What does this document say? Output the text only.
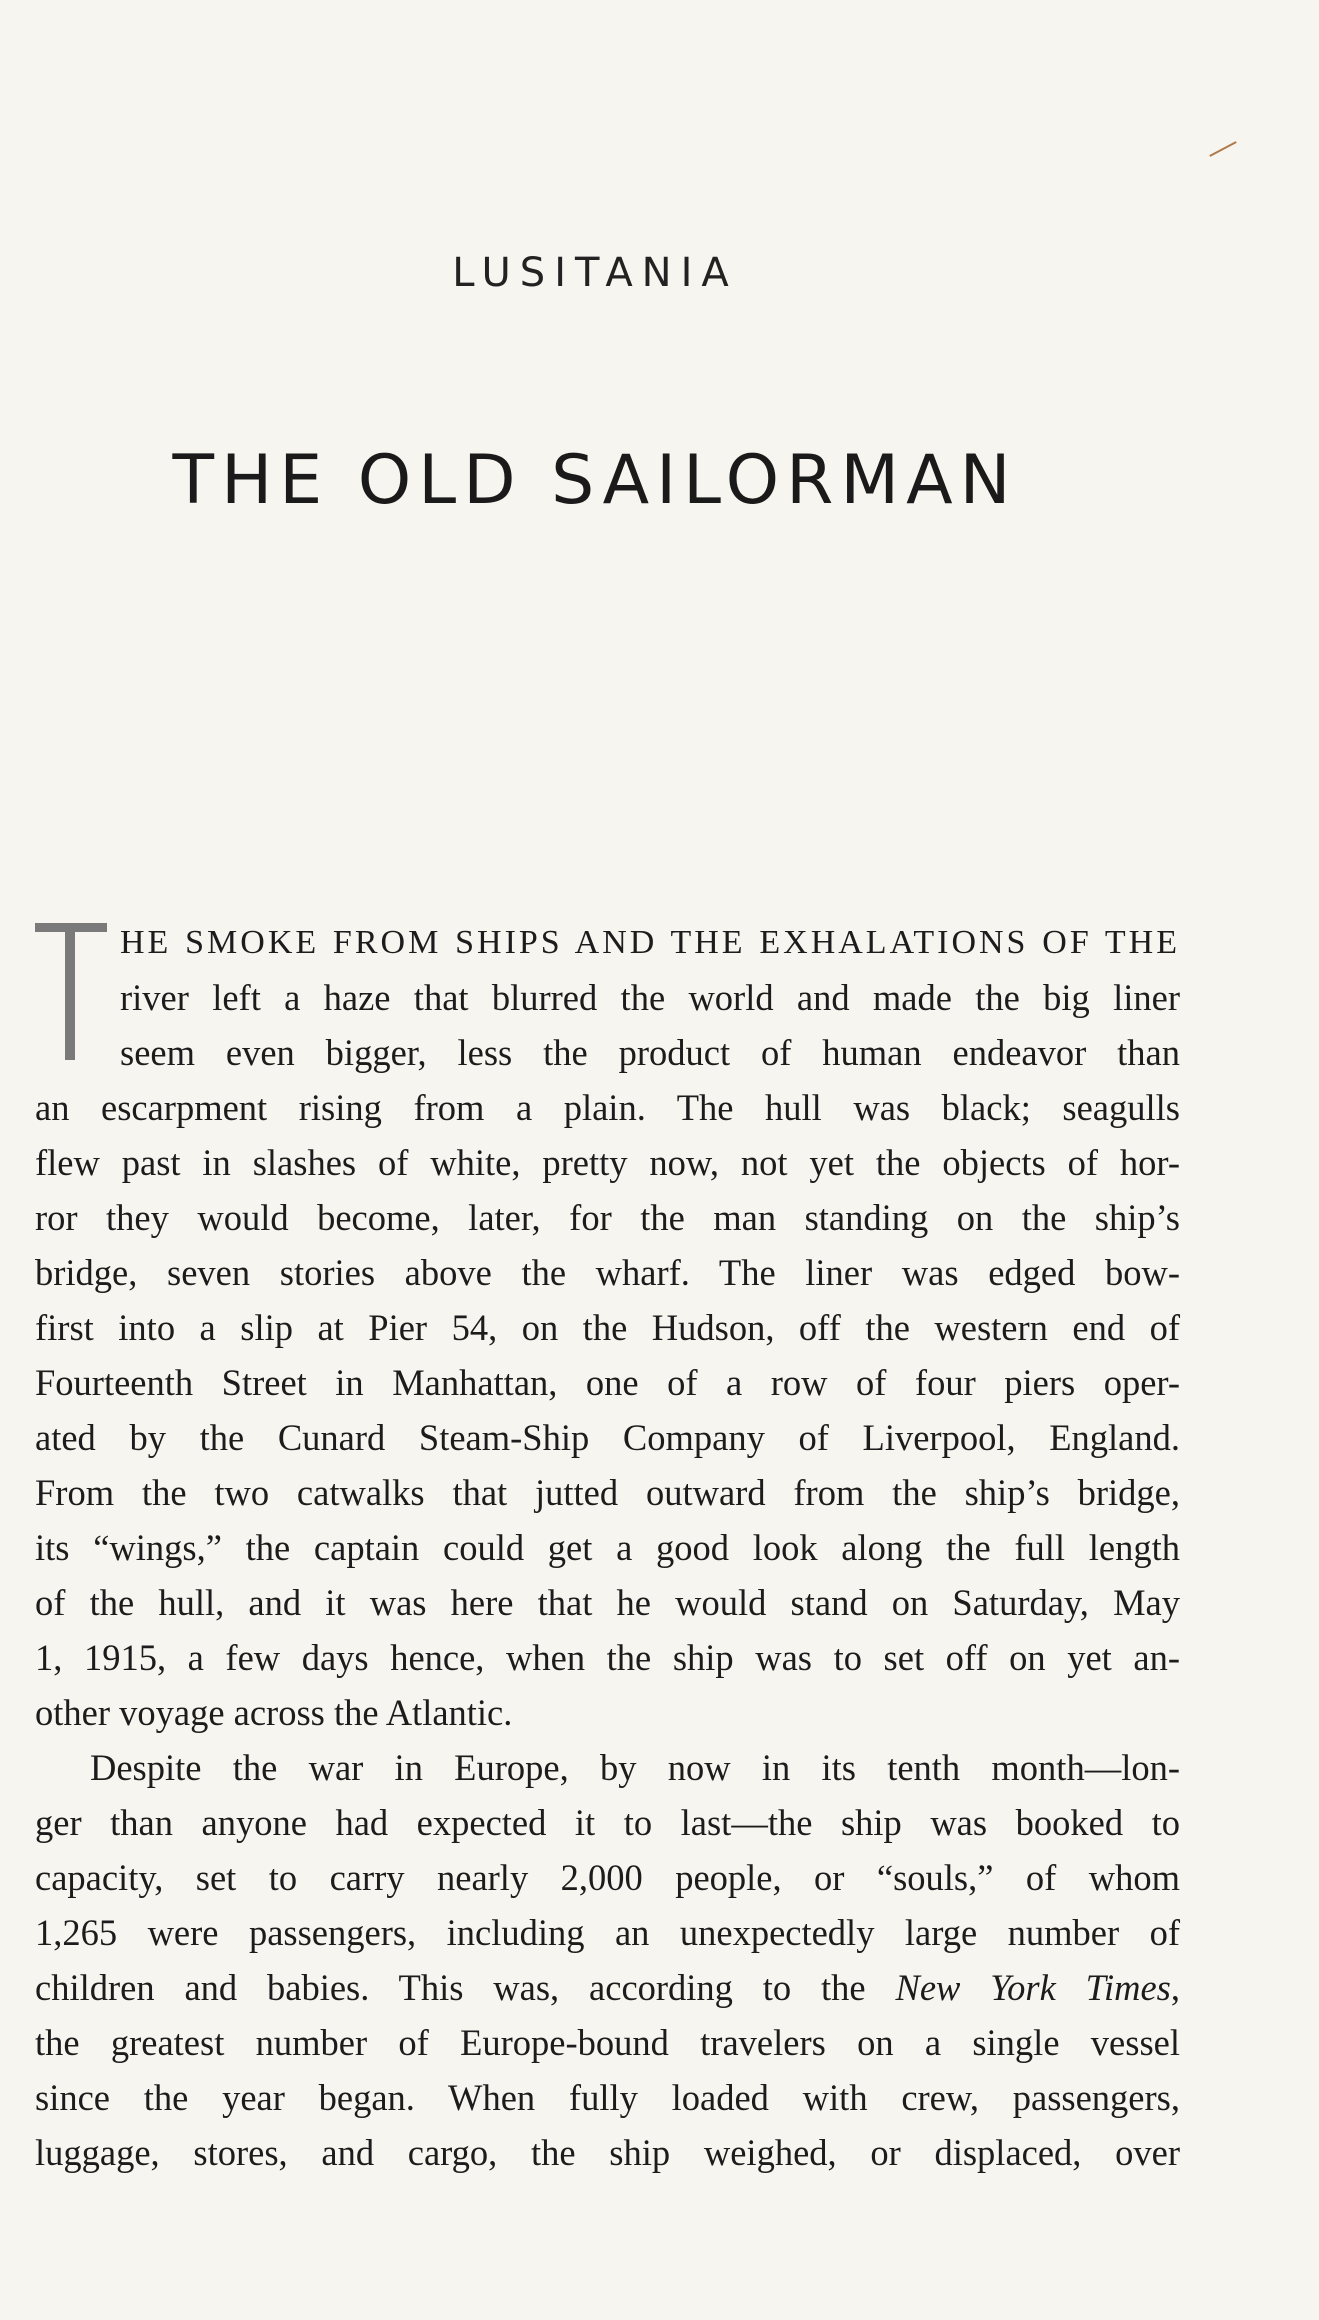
LUSITANIA
THE OLD SAILORMAN
HE SMOKE FROM SHIPS AND THE EXHALATIONS OF THE
river left a haze that blurred the world and made the big liner
seem even bigger, less the product of human endeavor than
an escarpment rising from a plain. The hull was black; seagulls
flew past in slashes of white, pretty now, not yet the objects of hor-
ror they would become, later, for the man standing on the ship’s
bridge, seven stories above the wharf. The liner was edged bow-
first into a slip at Pier 54, on the Hudson, off the western end of
Fourteenth Street in Manhattan, one of a row of four piers oper-
ated by the Cunard Steam-Ship Company of Liverpool, England.
From the two catwalks that jutted outward from the ship’s bridge,
its “wings,” the captain could get a good look along the full length
of the hull, and it was here that he would stand on Saturday, May
1, 1915, a few days hence, when the ship was to set off on yet an-
other voyage across the Atlantic.
Despite the war in Europe, by now in its tenth month—lon-
ger than anyone had expected it to last—the ship was booked to
capacity, set to carry nearly 2,000 people, or “souls,” of whom
1,265 were passengers, including an unexpectedly large number of
children and babies. This was, according to the New York Times,
the greatest number of Europe-bound travelers on a single vessel
since the year began. When fully loaded with crew, passengers,
luggage, stores, and cargo, the ship weighed, or displaced, over
